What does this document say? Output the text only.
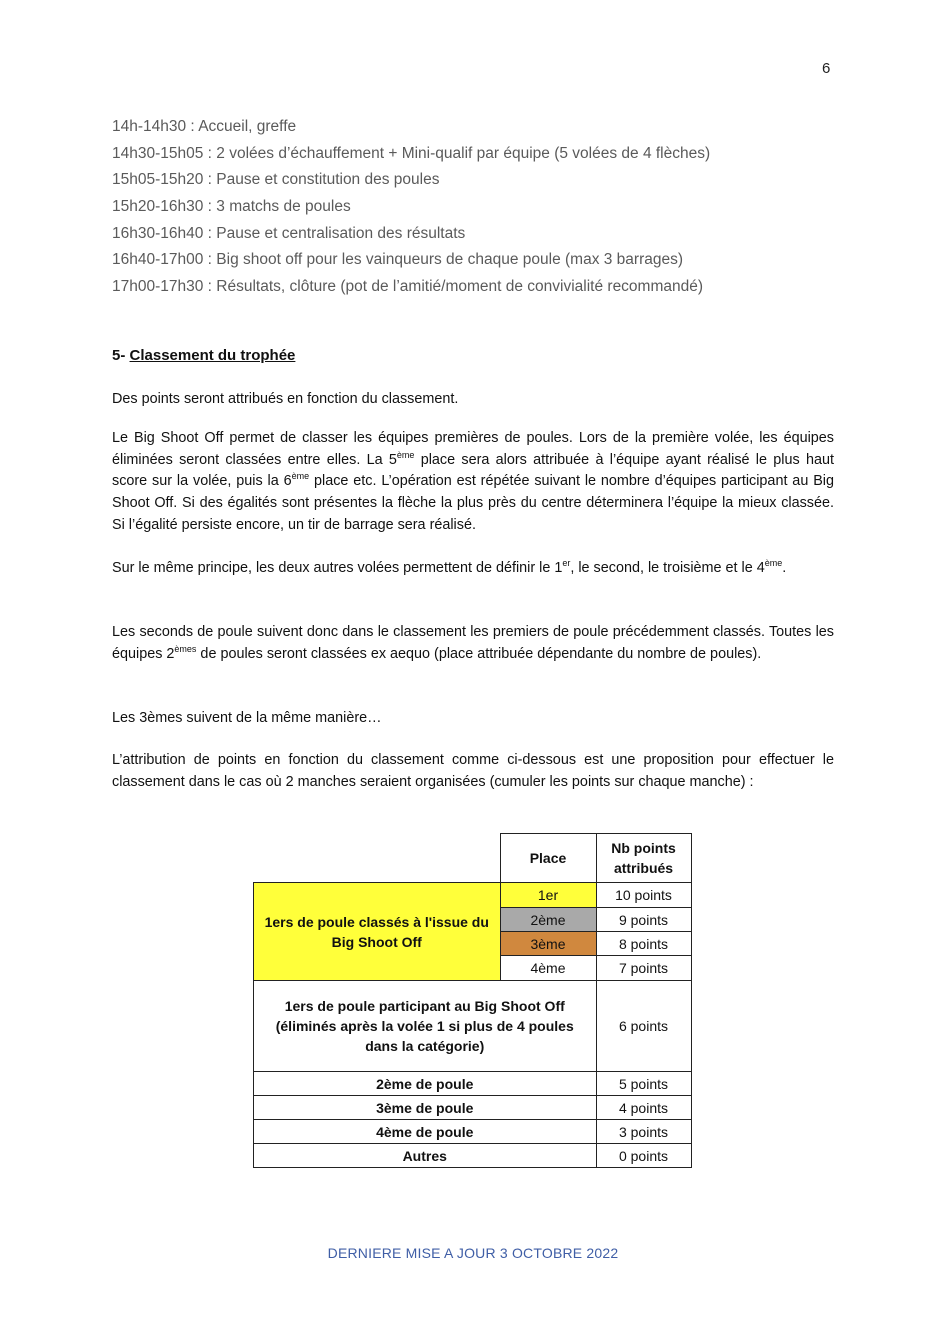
6
14h-14h30 : Accueil, greffe
14h30-15h05 : 2 volées d’échauffement + Mini-qualif par équipe (5 volées de 4 flèches)
15h05-15h20 : Pause et constitution des poules
15h20-16h30 : 3 matchs de poules
16h30-16h40 : Pause et centralisation des résultats
16h40-17h00 : Big shoot off pour les vainqueurs de chaque poule (max 3 barrages)
17h00-17h30 : Résultats, clôture (pot de l’amitié/moment de convivialité recommandé)
5- Classement du trophée
Des points seront attribués en fonction du classement.
Le Big Shoot Off permet de classer les équipes premières de poules. Lors de la première volée, les équipes éliminées seront classées entre elles. La 5ème place sera alors attribuée à l’équipe ayant réalisé le plus haut score sur la volée, puis la 6ème place etc. L’opération est répétée suivant le nombre d’équipes participant au Big Shoot Off. Si des égalités sont présentes la flèche la plus près du centre déterminera l’équipe la mieux classée. Si l’égalité persiste encore, un tir de barrage sera réalisé.
Sur le même principe, les deux autres volées permettent de définir le 1er, le second, le troisième et le 4ème.
Les seconds de poule suivent donc dans le classement les premiers de poule précédemment classés. Toutes les équipes 2èmes de poules seront classées ex aequo (place attribuée dépendante du nombre de poules).
Les 3èmes suivent de la même manière…
L’attribution de points en fonction du classement comme ci-dessous est une proposition pour effectuer le classement dans le cas où 2 manches seraient organisées (cumuler les points sur chaque manche) :
	Place	Nb points attribués
1ers de poule classés à l'issue du Big Shoot Off	1er	10 points
	2ème	9 points
	3ème	8 points
	4ème	7 points
1ers de poule participant au Big Shoot Off (éliminés après la volée 1 si plus de 4 poules dans la catégorie)		6 points
2ème de poule		5 points
3ème de poule		4 points
4ème de poule		3 points
Autres		0 points
DERNIERE MISE A JOUR 3 OCTOBRE 2022
